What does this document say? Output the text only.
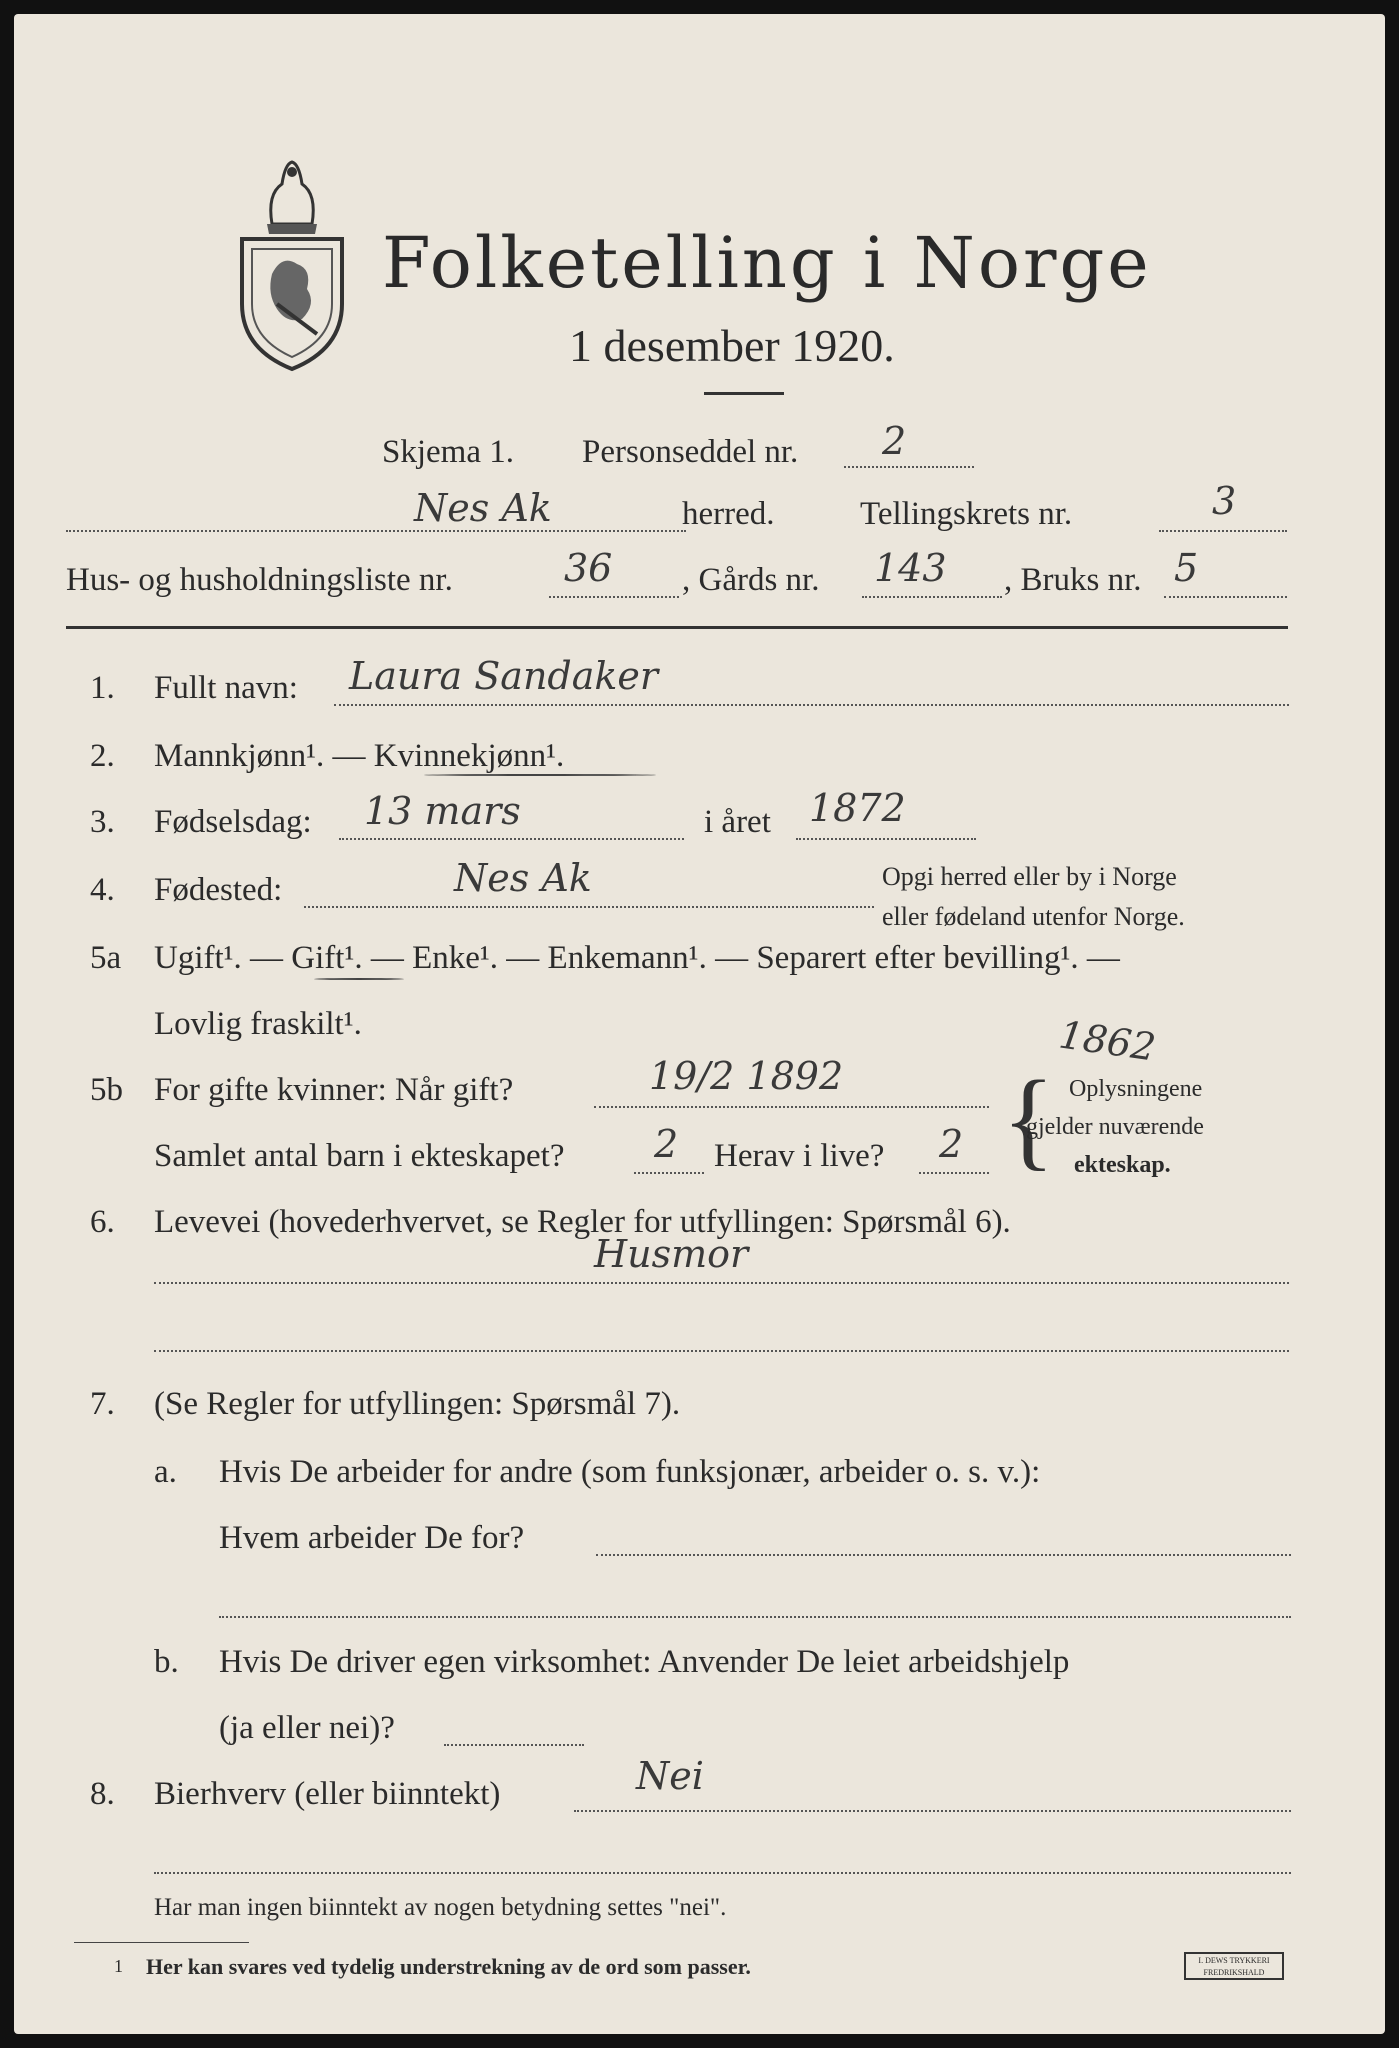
Folketelling i Norge
1 desember 1920.
Skjema 1. Personseddel nr. 2
Nes Ak	herred.	Tellingskrets nr.	3
Hus- og husholdningsliste nr.	36 , Gårds nr. 143 , Bruks nr. 5
1. Fullt navn: Laura Sandaker
2. Mannkjønn¹. — Kvinnekjønn¹.
3. Fødselsdag: 13 mars	i året 1872
4. Fødested:	Nes Ak	Opgi herred eller by i Norge
eller fødeland utenfor Norge.
5a Ugift¹. — Gift¹. — Enke¹. — Enkemann¹. — Separert efter bevilling¹. —
Lovlig fraskilt¹.	1862
5b For gifte kvinner: Når gift?	19/2 1892
Samlet antal barn i ekteskapet? 2 Herav i live? 2 { Oplysningene
gjelder nuværende
ekteskap.
6. Levevei (hovederhvervet, se Regler for utfyllingen: Spørsmål 6).
Husmor
7. (Se Regler for utfyllingen: Spørsmål 7).
a. Hvis De arbeider for andre (som funksjonær, arbeider o. s. v.):
Hvem arbeider De for?
b. Hvis De driver egen virksomhet: Anvender De leiet arbeidshjelp
(ja eller nei)?
8. Bierhverv (eller biinntekt)	Nei
Har man ingen biinntekt av nogen betydning settes "nei".
1 Her kan svares ved tydelig understrekning av de ord som passer.	I. DEWS TRYKKERI FREDRIKSHALD
